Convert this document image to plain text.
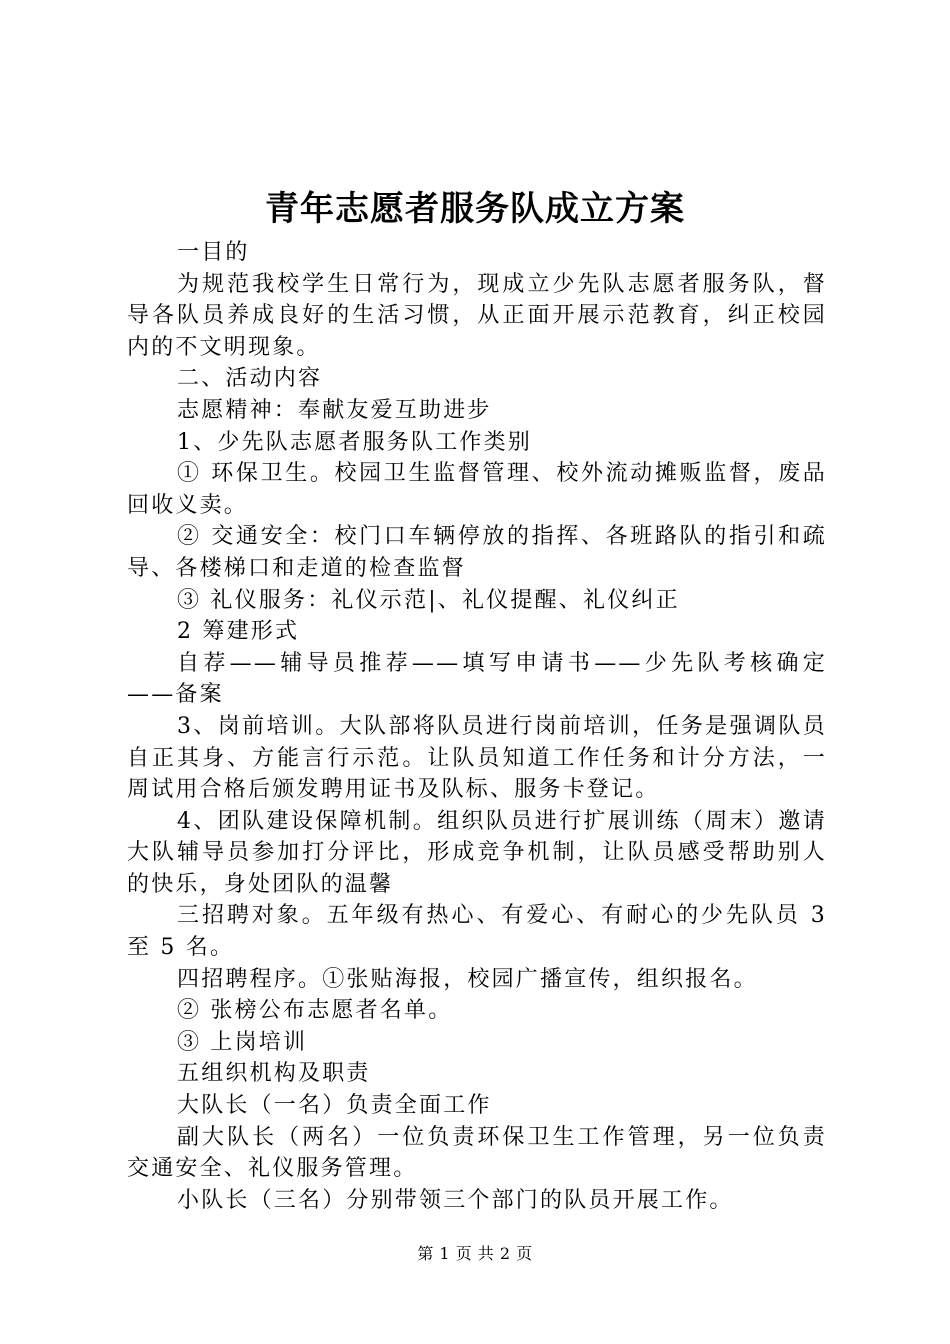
青年志愿者服务队成立方案

一目的

为规范我校学生日常行为，现成立少先队志愿者服务队，督导各队员养成良好的生活习惯，从正面开展示范教育，纠正校园内的不文明现象。

二、活动内容

志愿精神：奉献友爱互助进步

1、少先队志愿者服务队工作类别

① 环保卫生。校园卫生监督管理、校外流动摊贩监督，废品回收义卖。

② 交通安全：校门口车辆停放的指挥、各班路队的指引和疏导、各楼梯口和走道的检查监督

③ 礼仪服务：礼仪示范|、礼仪提醒、礼仪纠正

2 筹建形式

自荐——辅导员推荐——填写申请书——少先队考核确定——备案

3、岗前培训。大队部将队员进行岗前培训，任务是强调队员自正其身、方能言行示范。让队员知道工作任务和计分方法，一周试用合格后颁发聘用证书及队标、服务卡登记。

4、团队建设保障机制。组织队员进行扩展训练（周末）邀请大队辅导员参加打分评比，形成竞争机制，让队员感受帮助别人的快乐，身处团队的温馨

三招聘对象。五年级有热心、有爱心、有耐心的少先队员 3 至 5 名。

四招聘程序。①张贴海报，校园广播宣传，组织报名。

② 张榜公布志愿者名单。

③ 上岗培训

五组织机构及职责

大队长（一名）负责全面工作

副大队长（两名）一位负责环保卫生工作管理，另一位负责交通安全、礼仪服务管理。

小队长（三名）分别带领三个部门的队员开展工作。

第 1 页 共 2 页
